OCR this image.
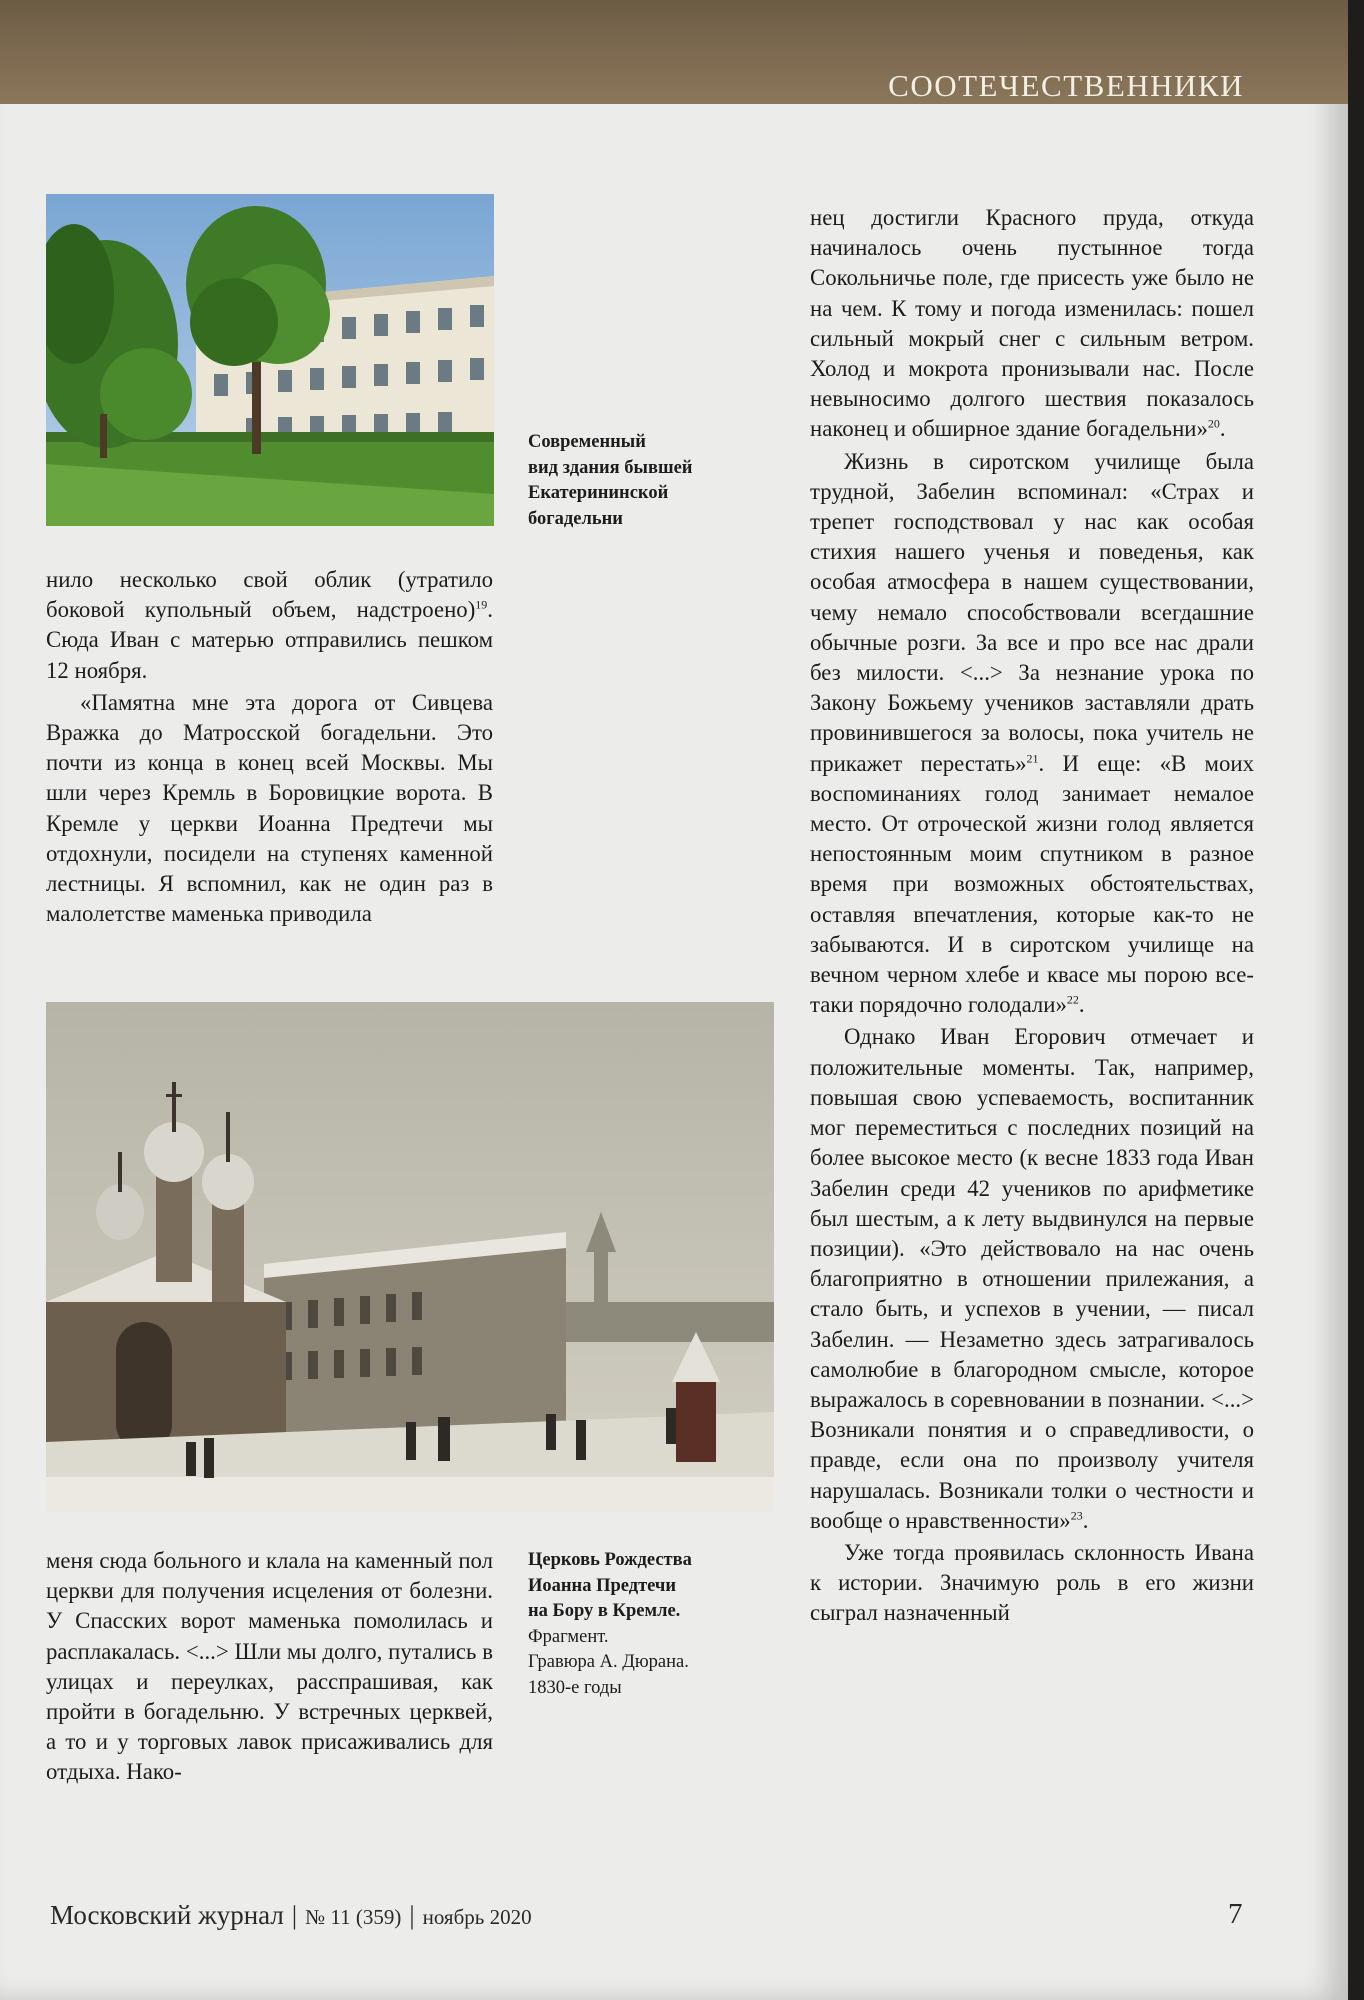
СООТЕЧЕСТВЕННИКИ
Современный
вид здания бывшей
Екатерининской
богадельни

нило несколько свой облик (утратило боковой купольный объем, надстроено)$^{19}$. Сюда Иван с матерью отправились пешком 12 ноября.

«Памятна мне эта дорога от Сивцева Вражка до Матросской богадельни. Это почти из конца в конец всей Москвы. Мы шли через Кремль в Боровицкие ворота. В Кремле у церкви Иоанна Предтечи мы отдохнули, посидели на ступенях каменной лестницы. Я вспомнил, как не один раз в малолетстве маменька приводила

Церковь Рождества
Иоанна Предтечи
на Бору в Кремле.
Фрагмент.
Гравюра А. Дюрана.
1830-е годы

меня сюда больного и клала на каменный пол церкви для получения исцеления от болезни. У Спасских ворот маменька помолилась и расплакалась. <...> Шли мы долго, путались в улицах и переулках, расспрашивая, как пройти в богадельню. У встречных церквей, а то и у торговых лавок присаживались для отдыха. Нако-

нец достигли Красного пруда, откуда начиналось очень пустынное тогда Сокольничье поле, где присесть уже было не на чем. К тому и погода изменилась: пошел сильный мокрый снег с сильным ветром. Холод и мокрота пронизывали нас. После невыносимо долгого шествия показалось наконец и обширное здание богадельни»$^{20}$.

Жизнь в сиротском училище была трудной, Забелин вспоминал: «Страх и трепет господствовал у нас как особая стихия нашего ученья и поведенья, как особая атмосфера в нашем существовании, чему немало способствовали всегдашние обычные розги. За все и про все нас драли без милости. <...> За незнание урока по Закону Божьему учеников заставляли драть провинившегося за волосы, пока учитель не прикажет перестать»$^{21}$. И еще: «В моих воспоминаниях голод занимает немалое место. От отроческой жизни голод является непостоянным моим спутником в разное время при возможных обстоятельствах, оставляя впечатления, которые как-то не забываются. И в сиротском училище на вечном черном хлебе и квасе мы порою все-таки порядочно голодали»$^{22}$.

Однако Иван Егорович отмечает и положительные моменты. Так, например, повышая свою успеваемость, воспитанник мог переместиться с последних позиций на более высокое место (к весне 1833 года Иван Забелин среди 42 учеников по арифметике был шестым, а к лету выдвинулся на первые позиции). «Это действовало на нас очень благоприятно в отношении прилежания, а стало быть, и успехов в учении, — писал Забелин. — Незаметно здесь затрагивалось самолюбие в благородном смысле, которое выражалось в соревновании в познании. <...> Возникали понятия и о справедливости, о правде, если она по произволу учителя нарушалась. Возникали толки о честности и вообще о нравственности»$^{23}$.

Уже тогда проявилась склонность Ивана к истории. Значимую роль в его жизни сыграл назначенный

Московский журнал | № 11 (359) | ноябрь 2020	7
